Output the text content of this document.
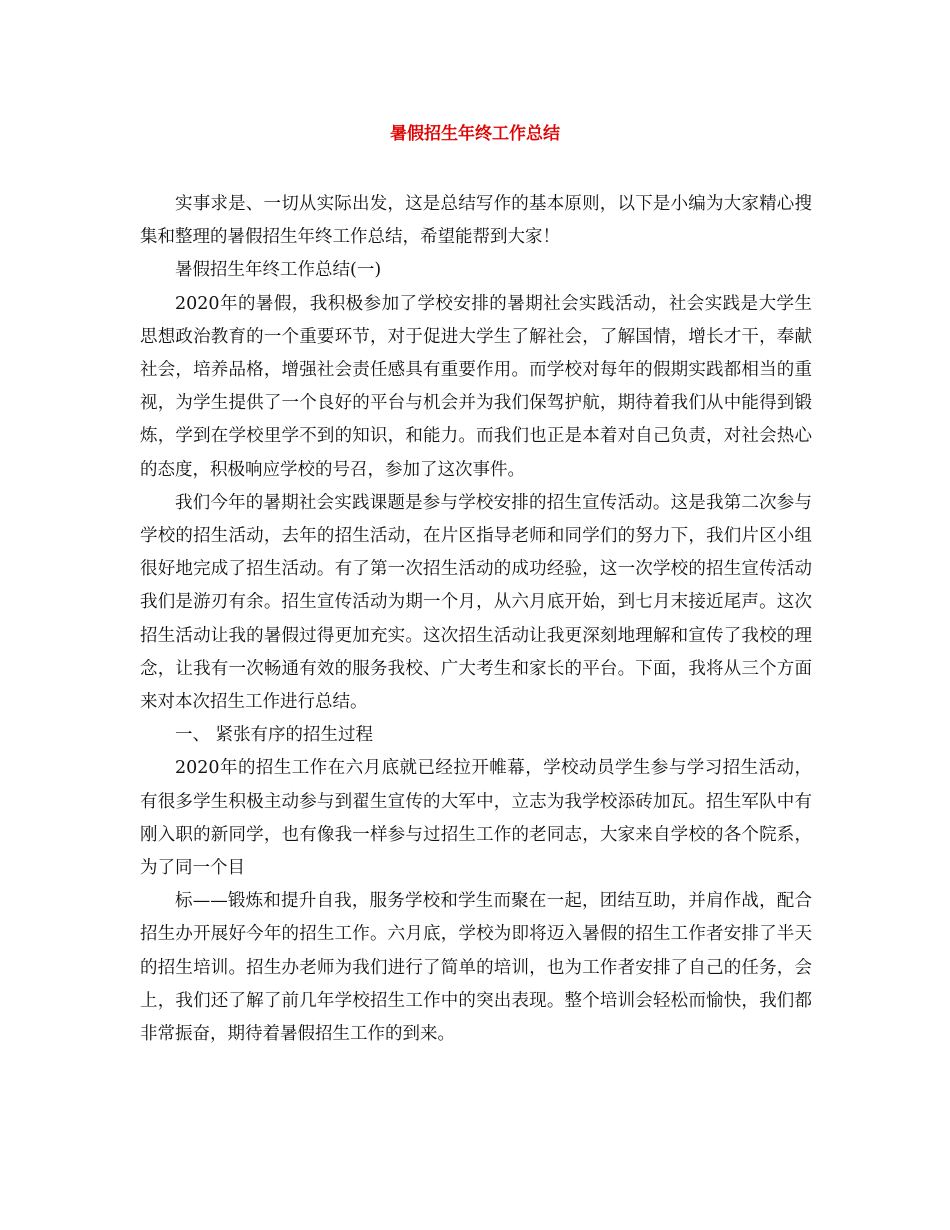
暑假招生年终工作总结

实事求是、一切从实际出发，这是总结写作的基本原则，以下是小编为大家精心搜集和整理的暑假招生年终工作总结，希望能帮到大家！

暑假招生年终工作总结(一)

2020年的暑假，我积极参加了学校安排的暑期社会实践活动，社会实践是大学生思想政治教育的一个重要环节，对于促进大学生了解社会，了解国情，增长才干，奉献社会，培养品格，增强社会责任感具有重要作用。而学校对每年的假期实践都相当的重视，为学生提供了一个良好的平台与机会并为我们保驾护航，期待着我们从中能得到锻炼，学到在学校里学不到的知识，和能力。而我们也正是本着对自己负责，对社会热心的态度，积极响应学校的号召，参加了这次事件。

我们今年的暑期社会实践课题是参与学校安排的招生宣传活动。这是我第二次参与学校的招生活动，去年的招生活动，在片区指导老师和同学们的努力下，我们片区小组很好地完成了招生活动。有了第一次招生活动的成功经验，这一次学校的招生宣传活动我们是游刃有余。招生宣传活动为期一个月，从六月底开始，到七月末接近尾声。这次招生活动让我的暑假过得更加充实。这次招生活动让我更深刻地理解和宣传了我校的理念，让我有一次畅通有效的服务我校、广大考生和家长的平台。下面，我将从三个方面来对本次招生工作进行总结。

一、 紧张有序的招生过程

2020年的招生工作在六月底就已经拉开帷幕，学校动员学生参与学习招生活动，有很多学生积极主动参与到翟生宣传的大军中，立志为我学校添砖加瓦。招生军队中有刚入职的新同学，也有像我一样参与过招生工作的老同志，大家来自学校的各个院系，为了同一个目

标——锻炼和提升自我，服务学校和学生而聚在一起，团结互助，并肩作战，配合招生办开展好今年的招生工作。六月底，学校为即将迈入暑假的招生工作者安排了半天的招生培训。招生办老师为我们进行了简单的培训，也为工作者安排了自己的任务，会上，我们还了解了前几年学校招生工作中的突出表现。整个培训会轻松而愉快，我们都非常振奋，期待着暑假招生工作的到来。
